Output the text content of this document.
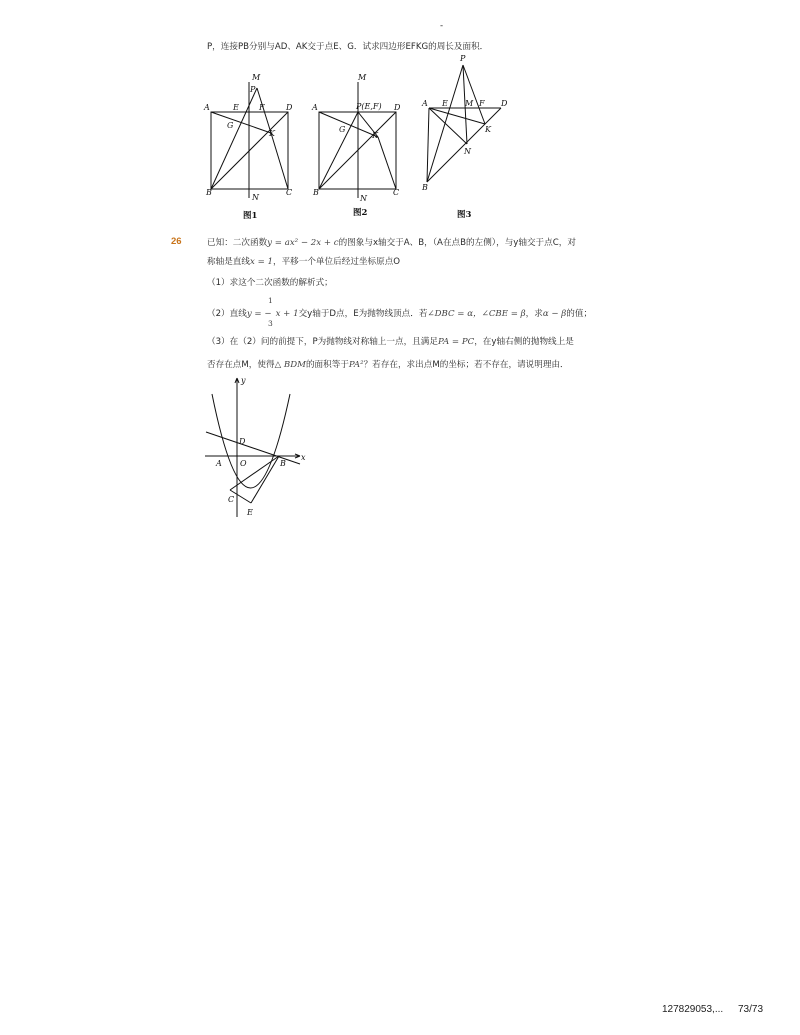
-
P，连接PB分别与AD、AK交于点E、G．试求四边形EFKG的周长及面积．
M
P
A	E	F	D
G
K
B
N
C
图1
M
A	P(E,F) D
G
K
B
N
C
图2
P
A E M F D
K
N
B
图3
26	已知：二次函数y = ax² − 2x + c的图象与x轴交于A、B，（A在点B的左侧），与y轴交于点C，对
称轴是直线x = 1，平移一个单位后经过坐标原点O
（1）求这个二次函数的解析式；
1
3
（2）直线y = − x + 1交y轴于D点，E为抛物线顶点．若∠DBC = α，∠CBE = β，求α − β的值；
（3）在（2）问的前提下，P为抛物线对称轴上一点，且满足PA = PC，在y轴右侧的抛物线上是
否存在点M，使得△ BDM的面积等于PA²？若存在，求出点M的坐标；若不存在，请说明理由．
y
x
D
A O	B
C
E
127829053,... 73/73
